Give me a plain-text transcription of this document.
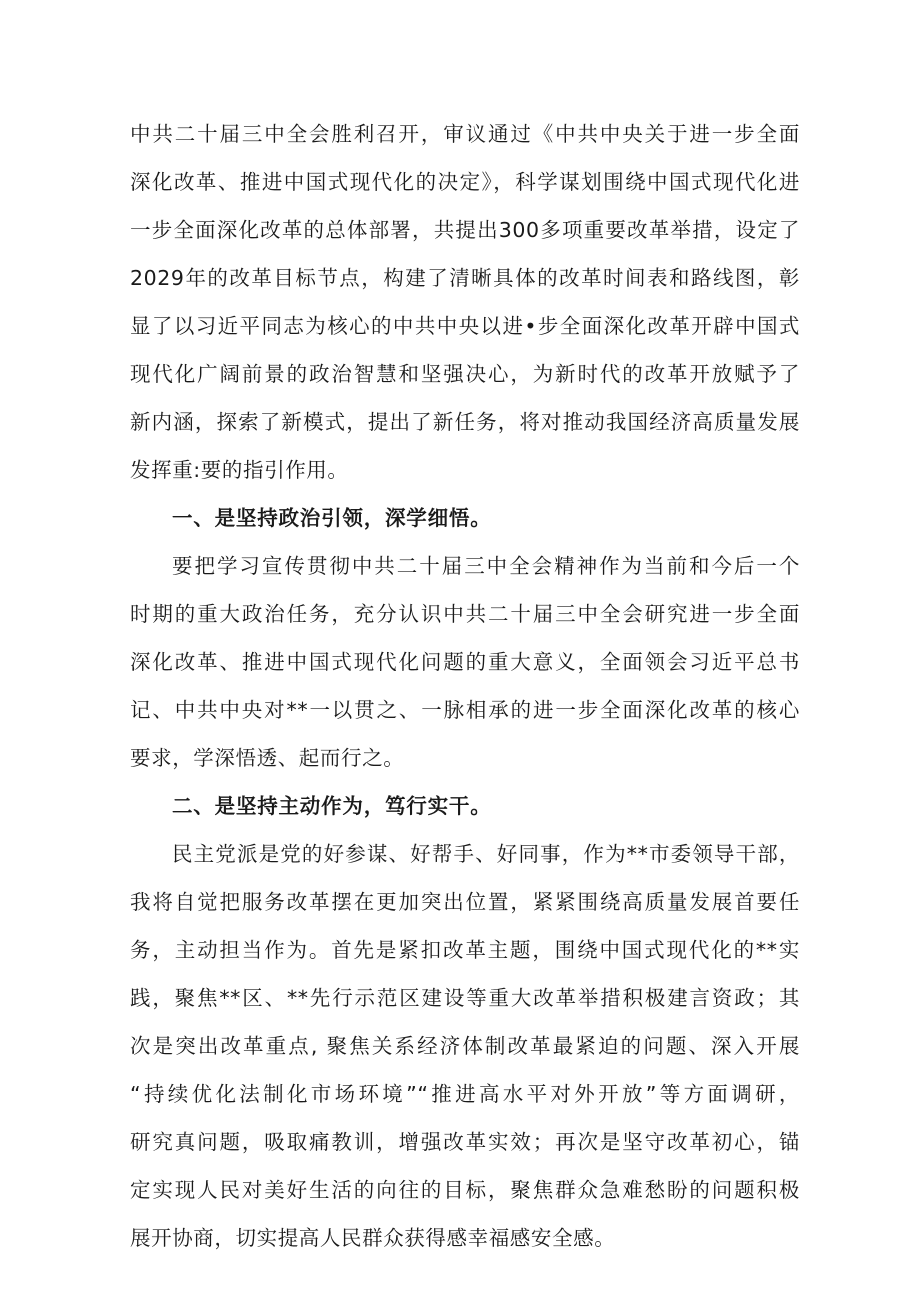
中共二十届三中全会胜利召开，审议通过《中共中央关于进一步全面
深化改革、推进中国式现代化的决定》，科学谋划围绕中国式现代化进
一步全面深化改革的总体部署，共提出300多项重要改革举措，设定了
2029年的改革目标节点，构建了清晰具体的改革时间表和路线图，彰
显了以习近平同志为核心的中共中央以进•步全面深化改革开辟中国式
现代化广阔前景的政治智慧和坚强决心，为新时代的改革开放赋予了
新内涵，探索了新模式，提出了新任务，将对推动我国经济高质量发展
发挥重:要的指引作用。
一、是坚持政治引领，深学细悟。
要把学习宣传贯彻中共二十届三中全会精神作为当前和今后一个
时期的重大政治任务，充分认识中共二十届三中全会研究进一步全面
深化改革、推进中国式现代化问题的重大意义，全面领会习近平总书
记、中共中央对**一以贯之、一脉相承的进一步全面深化改革的核心
要求，学深悟透、起而行之。
二、是坚持主动作为，笃行实干。
民主党派是党的好参谋、好帮手、好同事，作为**市委领导干部，
我将自觉把服务改革摆在更加突出位置，紧紧围绕高质量发展首要任
务，主动担当作为。首先是紧扣改革主题，围绕中国式现代化的**实
践，聚焦**区、**先行示范区建设等重大改革举措积极建言资政；其
次是突出改革重点, 聚焦关系经济体制改革最紧迫的问题、深入开展
“持续优化法制化市场环境”“推进高水平对外开放”等方面调研，
研究真问题，吸取痛教训，增强改革实效；再次是坚守改革初心，锚
定实现人民对美好生活的向往的目标，聚焦群众急难愁盼的问题积极
展开协商，切实提高人民群众获得感幸福感安全感。
